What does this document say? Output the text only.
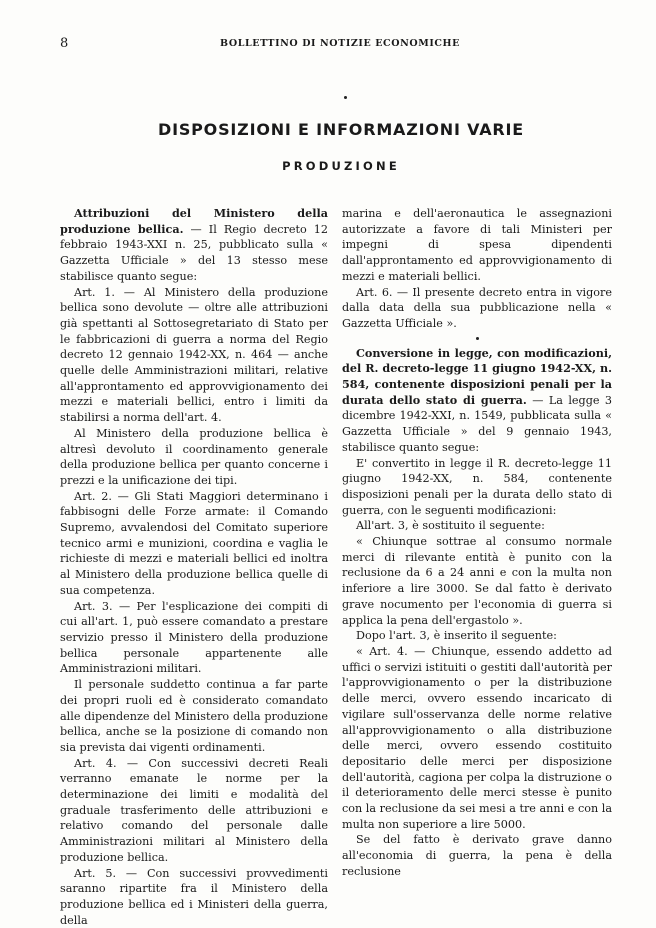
8	BOLLETTINO DI NOTIZIE ECONOMICHE
DISPOSIZIONI E INFORMAZIONI VARIE
PRODUZIONE

Attribuzioni del Ministero della produzione bellica. — Il Regio decreto 12 febbraio 1943-XXI n. 25, pubblicato sulla « Gazzetta Ufficiale » del 13 stesso mese stabilisce quanto segue:

Art. 1. — Al Ministero della produzione bellica sono devolute — oltre alle attribuzioni già spettanti al Sottosegretariato di Stato per le fabbricazioni di guerra a norma del Regio decreto 12 gennaio 1942-XX, n. 464 — anche quelle delle Amministrazioni militari, relative all'approntamento ed approvvigionamento dei mezzi e materiali bellici, entro i limiti da stabilirsi a norma dell'art. 4.

Al Ministero della produzione bellica è altresì devoluto il coordinamento generale della produzione bellica per quanto concerne i prezzi e la unificazione dei tipi.

Art. 2. — Gli Stati Maggiori determinano i fabbisogni delle Forze armate: il Comando Supremo, avvalendosi del Comitato superiore tecnico armi e munizioni, coordina e vaglia le richieste di mezzi e materiali bellici ed inoltra al Ministero della produzione bellica quelle di sua competenza.

Art. 3. — Per l'esplicazione dei compiti di cui all'art. 1, può essere comandato a prestare servizio presso il Ministero della produzione bellica personale appartenente alle Amministrazioni militari.

Il personale suddetto continua a far parte dei propri ruoli ed è considerato comandato alle dipendenze del Ministero della produzione bellica, anche se la posizione di comando non sia prevista dai vigenti ordinamenti.

Art. 4. — Con successivi decreti Reali verranno emanate le norme per la determinazione dei limiti e modalità del graduale trasferimento delle attribuzioni e relativo comando del personale dalle Amministrazioni militari al Ministero della produzione bellica.

Art. 5. — Con successivi provvedimenti saranno ripartite fra il Ministero della produzione bellica ed i Ministeri della guerra, della

marina e dell'aeronautica le assegnazioni autorizzate a favore di tali Ministeri per impegni di spesa dipendenti dall'approntamento ed approvvigionamento di mezzi e materiali bellici.

Art. 6. — Il presente decreto entra in vigore dalla data della sua pubblicazione nella « Gazzetta Ufficiale ».

Conversione in legge, con modificazioni, del R. decreto-legge 11 giugno 1942-XX, n. 584, contenente disposizioni penali per la durata dello stato di guerra. — La legge 3 dicembre 1942-XXI, n. 1549, pubblicata sulla « Gazzetta Ufficiale » del 9 gennaio 1943, stabilisce quanto segue:

E' convertito in legge il R. decreto-legge 11 giugno 1942-XX, n. 584, contenente disposizioni penali per la durata dello stato di guerra, con le seguenti modificazioni:

All'art. 3, è sostituito il seguente:

« Chiunque sottrae al consumo normale merci di rilevante entità è punito con la reclusione da 6 a 24 anni e con la multa non inferiore a lire 3000. Se dal fatto è derivato grave nocumento per l'economia di guerra si applica la pena dell'ergastolo ».

Dopo l'art. 3, è inserito il seguente:

« Art. 4. — Chiunque, essendo addetto ad uffici o servizi istituiti o gestiti dall'autorità per l'approvvigionamento o per la distribuzione delle merci, ovvero essendo incaricato di vigilare sull'osservanza delle norme relative all'approvvigionamento o alla distribuzione delle merci, ovvero essendo costituito depositario delle merci per disposizione dell'autorità, cagiona per colpa la distruzione o il deterioramento delle merci stesse è punito con la reclusione da sei mesi a tre anni e con la multa non superiore a lire 5000.

Se del fatto è derivato grave danno all'economia di guerra, la pena è della reclusione
